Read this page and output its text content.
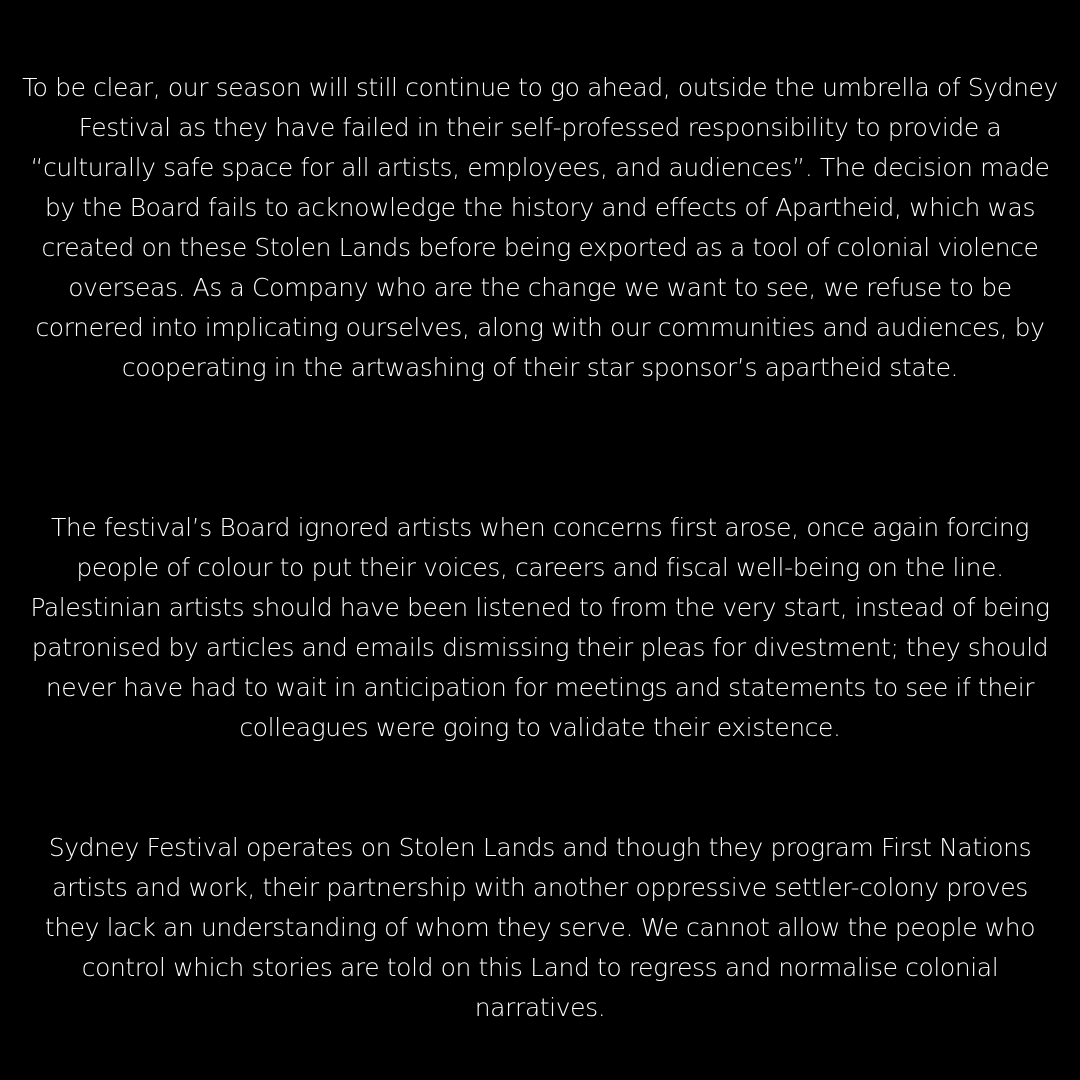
To be clear, our season will still continue to go ahead, outside the umbrella of Sydney Festival as they have failed in their self-professed responsibility to provide a “culturally safe space for all artists, employees, and audiences”. The decision made by the Board fails to acknowledge the history and effects of Apartheid, which was created on these Stolen Lands before being exported as a tool of colonial violence overseas. As a Company who are the change we want to see, we refuse to be cornered into implicating ourselves, along with our communities and audiences, by cooperating in the artwashing of their star sponsor’s apartheid state.

The festival’s Board ignored artists when concerns first arose, once again forcing people of colour to put their voices, careers and fiscal well-being on the line. Palestinian artists should have been listened to from the very start, instead of being patronised by articles and emails dismissing their pleas for divestment; they should never have had to wait in anticipation for meetings and statements to see if their colleagues were going to validate their existence.

Sydney Festival operates on Stolen Lands and though they program First Nations artists and work, their partnership with another oppressive settler-colony proves they lack an understanding of whom they serve. We cannot allow the people who control which stories are told on this Land to regress and normalise colonial narratives.
